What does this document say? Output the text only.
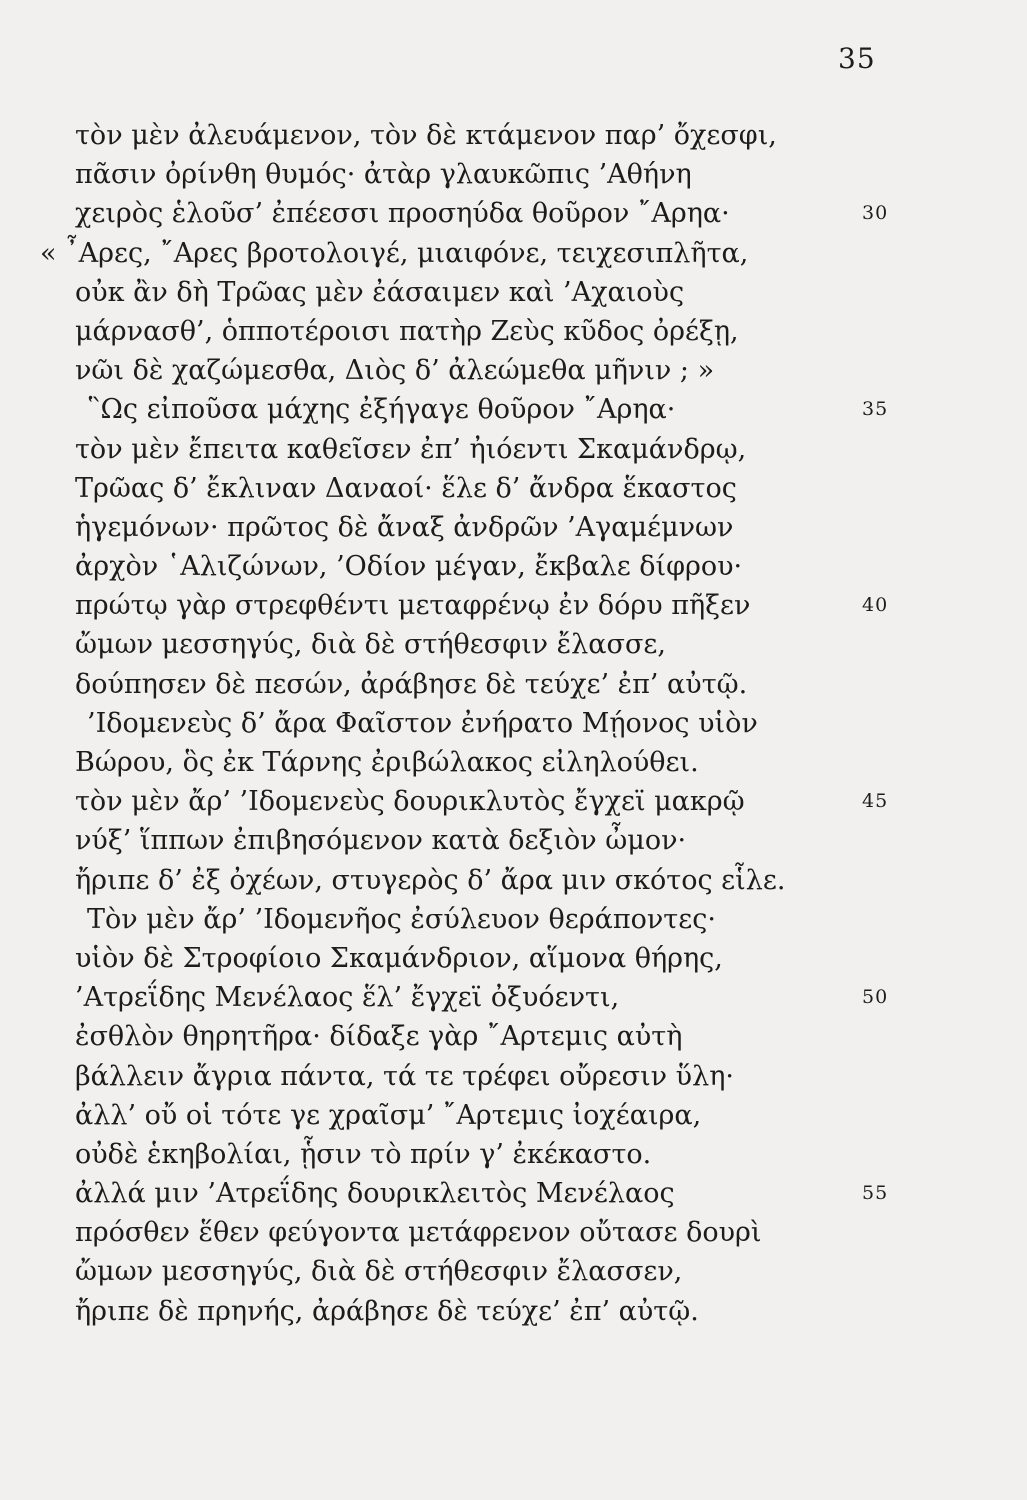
35
τὸν μὲν ἀλευάμενον, τὸν δὲ κτάμενον παρ’ ὄχεσφι,
πᾶσιν ὀρίνθη θυμός· ἀτὰρ γλαυκῶπις ’Αθήνη
χειρὸς ἑλοῦσ’ ἐπέεσσι προσηύδα θοῦρον ῎Αρηα·	30
« ῏Αρες, ῎Αρες βροτολοιγέ, μιαιφόνε, τειχεσιπλῆτα,
οὐκ ἂν δὴ Τρῶας μὲν ἐάσαιμεν καὶ ’Αχαιοὺς
μάρνασθ’, ὁπποτέροισι πατὴρ Ζεὺς κῦδος ὀρέξῃ,
νῶι δὲ χαζώμεσθα, Διὸς δ’ ἀλεώμεθα μῆνιν ; »
῝Ως εἰποῦσα μάχης ἐξήγαγε θοῦρον ῎Αρηα·	35
τὸν μὲν ἔπειτα καθεῖσεν ἐπ’ ἠιόεντι Σκαμάνδρῳ,
Τρῶας δ’ ἔκλιναν Δαναοί· ἕλε δ’ ἄνδρα ἕκαστος
ἡγεμόνων· πρῶτος δὲ ἄναξ ἀνδρῶν ’Αγαμέμνων
ἀρχὸν ῾Αλιζώνων, ’Οδίον μέγαν, ἔκβαλε δίφρου·
πρώτῳ γὰρ στρεφθέντι μεταφρένῳ ἐν δόρυ πῆξεν	40
ὤμων μεσσηγύς, διὰ δὲ στήθεσφιν ἔλασσε,
δούπησεν δὲ πεσών, ἀράβησε δὲ τεύχε’ ἐπ’ αὐτῷ.
’Ιδομενεὺς δ’ ἄρα Φαῖστον ἐνήρατο Μῄονος υἱὸν
Βώρου, ὃς ἐκ Τάρνης ἐριβώλακος εἰληλούθει.
τὸν μὲν ἄρ’ ’Ιδομενεὺς δουρικλυτὸς ἔγχεϊ μακρῷ	45
νύξ’ ἵππων ἐπιβησόμενον κατὰ δεξιὸν ὦμον·
ἤριπε δ’ ἐξ ὀχέων, στυγερὸς δ’ ἄρα μιν σκότος εἷλε.
Τὸν μὲν ἄρ’ ’Ιδομενῆος ἐσύλευον θεράποντες·
υἱὸν δὲ Στροφίοιο Σκαμάνδριον, αἵμονα θήρης,
’Ατρεΐδης Μενέλαος ἕλ’ ἔγχεϊ ὀξυόεντι,	50
ἐσθλὸν θηρητῆρα· δίδαξε γὰρ ῎Αρτεμις αὐτὴ
βάλλειν ἄγρια πάντα, τά τε τρέφει οὔρεσιν ὕλη·
ἀλλ’ οὔ οἱ τότε γε χραῖσμ’ ῎Αρτεμις ἰοχέαιρα,
οὐδὲ ἑκηβολίαι, ᾗσιν τὸ πρίν γ’ ἐκέκαστο.
ἀλλά μιν ’Ατρεΐδης δουρικλειτὸς Μενέλαος	55
πρόσθεν ἕθεν φεύγοντα μετάφρενον οὔτασε δουρὶ
ὤμων μεσσηγύς, διὰ δὲ στήθεσφιν ἔλασσεν,
ἤριπε δὲ πρηνής, ἀράβησε δὲ τεύχε’ ἐπ’ αὐτῷ.
